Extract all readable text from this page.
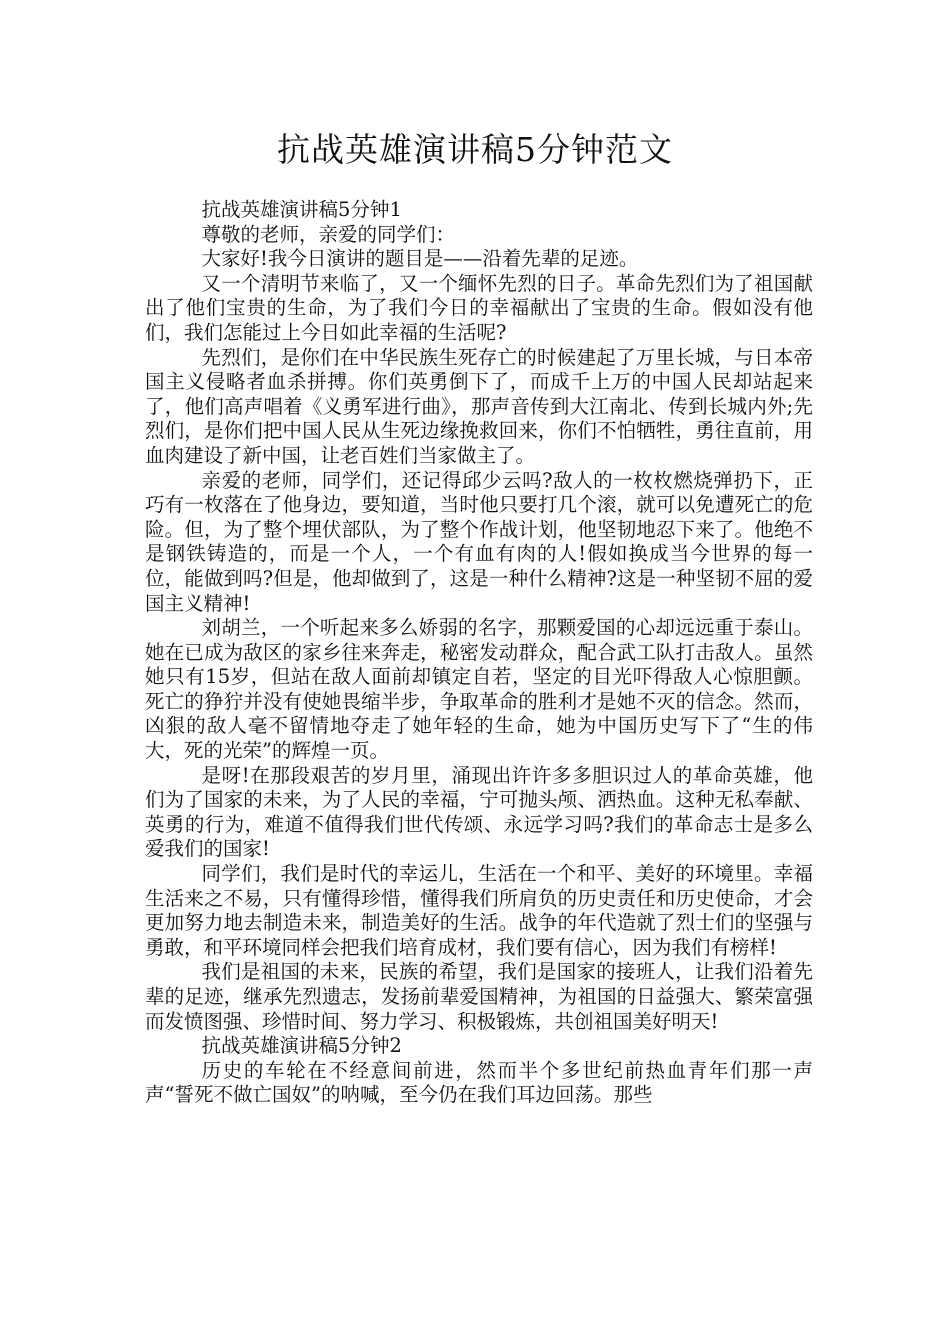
抗战英雄演讲稿5分钟范文

抗战英雄演讲稿5分钟1

尊敬的老师，亲爱的同学们：

大家好!我今日演讲的题目是——沿着先辈的足迹。

又一个清明节来临了，又一个缅怀先烈的日子。革命先烈们为了祖国献出了他们宝贵的生命，为了我们今日的幸福献出了宝贵的生命。假如没有他们，我们怎能过上今日如此幸福的生活呢?

先烈们，是你们在中华民族生死存亡的时候建起了万里长城，与日本帝国主义侵略者血杀拼搏。你们英勇倒下了，而成千上万的中国人民却站起来了，他们高声唱着《义勇军进行曲》，那声音传到大江南北、传到长城内外;先烈们，是你们把中国人民从生死边缘挽救回来，你们不怕牺牲，勇往直前，用血肉建设了新中国，让老百姓们当家做主了。

亲爱的老师，同学们，还记得邱少云吗?敌人的一枚枚燃烧弹扔下，正巧有一枚落在了他身边，要知道，当时他只要打几个滚，就可以免遭死亡的危险。但，为了整个埋伏部队，为了整个作战计划，他坚韧地忍下来了。他绝不是钢铁铸造的，而是一个人，一个有血有肉的人!假如换成当今世界的每一位，能做到吗?但是，他却做到了，这是一种什么精神?这是一种坚韧不屈的爱国主义精神!

刘胡兰，一个听起来多么娇弱的名字，那颗爱国的心却远远重于泰山。她在已成为敌区的家乡往来奔走，秘密发动群众，配合武工队打击敌人。虽然她只有15岁，但站在敌人面前却镇定自若，坚定的目光吓得敌人心惊胆颤。死亡的狰狞并没有使她畏缩半步，争取革命的胜利才是她不灭的信念。然而，凶狠的敌人毫不留情地夺走了她年轻的生命，她为中国历史写下了“生的伟大，死的光荣”的辉煌一页。

是呀!在那段艰苦的岁月里，涌现出许许多多胆识过人的革命英雄，他们为了国家的未来，为了人民的幸福，宁可抛头颅、洒热血。这种无私奉献、英勇的行为，难道不值得我们世代传颂、永远学习吗?我们的革命志士是多么爱我们的国家!

同学们，我们是时代的幸运儿，生活在一个和平、美好的环境里。幸福生活来之不易，只有懂得珍惜，懂得我们所肩负的历史责任和历史使命，才会更加努力地去制造未来，制造美好的生活。战争的年代造就了烈士们的坚强与勇敢，和平环境同样会把我们培育成材，我们要有信心，因为我们有榜样!

我们是祖国的未来，民族的希望，我们是国家的接班人，让我们沿着先辈的足迹，继承先烈遗志，发扬前辈爱国精神，为祖国的日益强大、繁荣富强而发愤图强、珍惜时间、努力学习、积极锻炼，共创祖国美好明天!

抗战英雄演讲稿5分钟2

历史的车轮在不经意间前进，然而半个多世纪前热血青年们那一声声“誓死不做亡国奴”的呐喊，至今仍在我们耳边回荡。那些
